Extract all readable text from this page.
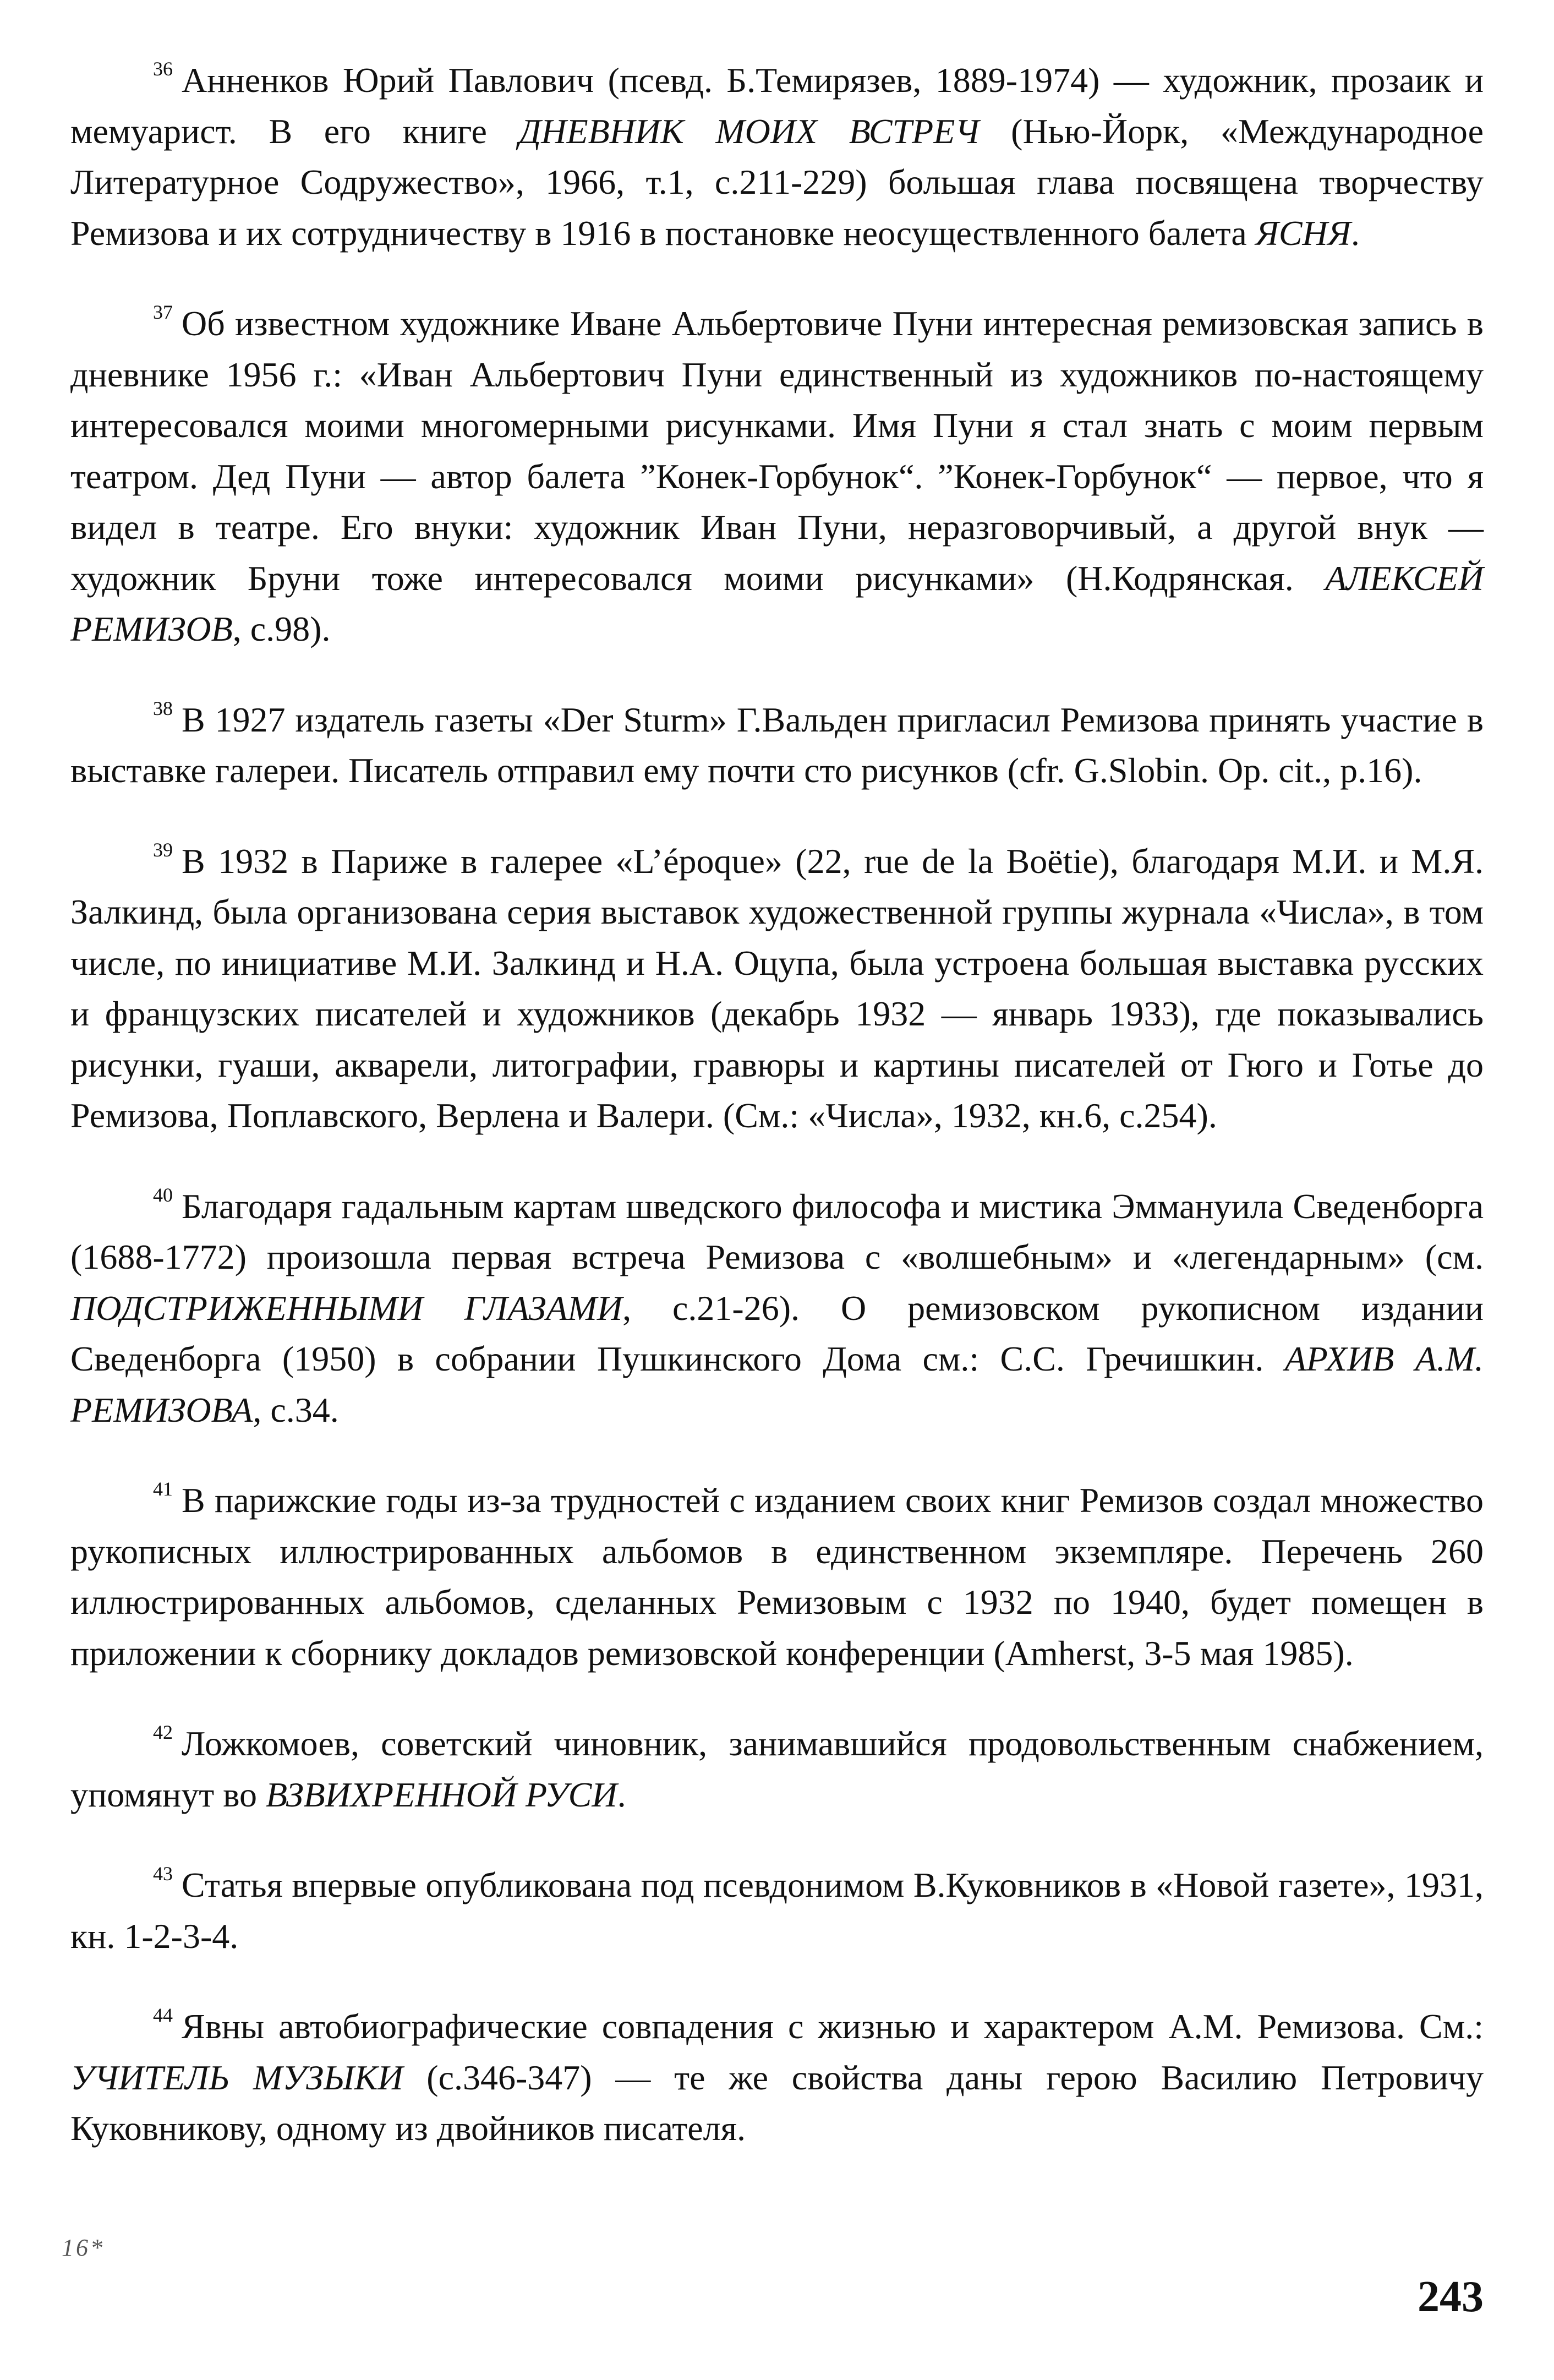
$^{36}$ Анненков Юрий Павлович (псевд. Б.Темирязев, 1889-1974) — художник, прозаик и мемуарист. В его книге ДНЕВНИК МОИХ ВСТРЕЧ (Нью-Йорк, «Международное Литературное Содружество», 1966, т.1, с.211-229) большая глава посвящена творчеству Ремизова и их сотрудничеству в 1916 в постановке неосуществленного балета ЯСНЯ.

$^{37}$ Об известном художнике Иване Альбертовиче Пуни интересная ремизовская запись в дневнике 1956 г.: «Иван Альбертович Пуни единственный из художников по-настоящему интересовался моими многомерными рисунками. Имя Пуни я стал знать с моим первым театром. Дед Пуни — автор балета ”Конек-Горбунок“. ”Конек-Горбунок“ — первое, что я видел в театре. Его внуки: художник Иван Пуни, неразговорчивый, а другой внук — художник Бруни тоже интересовался моими рисунками» (Н.Кодрянская. АЛЕКСЕЙ РЕМИЗОВ, с.98).

$^{38}$ В 1927 издатель газеты «Der Sturm» Г.Вальден пригласил Ремизова принять участие в выставке галереи. Писатель отправил ему почти сто рисунков (cfr. G.Slobin. Op. cit., p.16).

$^{39}$ В 1932 в Париже в галерее «L’époque» (22, rue de la Boëtie), благодаря М.И. и М.Я. Залкинд, была организована серия выставок художественной группы журнала «Числа», в том числе, по инициативе М.И. Залкинд и Н.А. Оцупа, была устроена большая выставка русских и французских писателей и художников (декабрь 1932 — январь 1933), где показывались рисунки, гуаши, акварели, литографии, гравюры и картины писателей от Гюго и Готье до Ремизова, Поплавского, Верлена и Валери. (См.: «Числа», 1932, кн.6, с.254).

$^{40}$ Благодаря гадальным картам шведского философа и мистика Эммануила Сведенборга (1688-1772) произошла первая встреча Ремизова с «волшебным» и «легендарным» (см. ПОДСТРИЖЕННЫМИ ГЛАЗАМИ, с.21-26). О ремизовском рукописном издании Сведенборга (1950) в собрании Пушкинского Дома см.: С.С. Гречишкин. АРХИВ А.М. РЕМИЗОВА, с.34.

$^{41}$ В парижские годы из-за трудностей с изданием своих книг Ремизов создал множество рукописных иллюстрированных альбомов в единственном экземпляре. Перечень 260 иллюстрированных альбомов, сделанных Ремизовым с 1932 по 1940, будет помещен в приложении к сборнику докладов ремизовской конференции (Amherst, 3-5 мая 1985).

$^{42}$ Ложкомоев, советский чиновник, занимавшийся продовольственным снабжением, упомянут во ВЗВИХРЕННОЙ РУСИ.

$^{43}$ Статья впервые опубликована под псевдонимом В.Куковников в «Новой газете», 1931, кн. 1-2-3-4.

$^{44}$ Явны автобиографические совпадения с жизнью и характером А.М. Ремизова. См.: УЧИТЕЛЬ МУЗЫКИ (с.346-347) — те же свойства даны герою Василию Петровичу Куковникову, одному из двойников писателя.

16*
243
